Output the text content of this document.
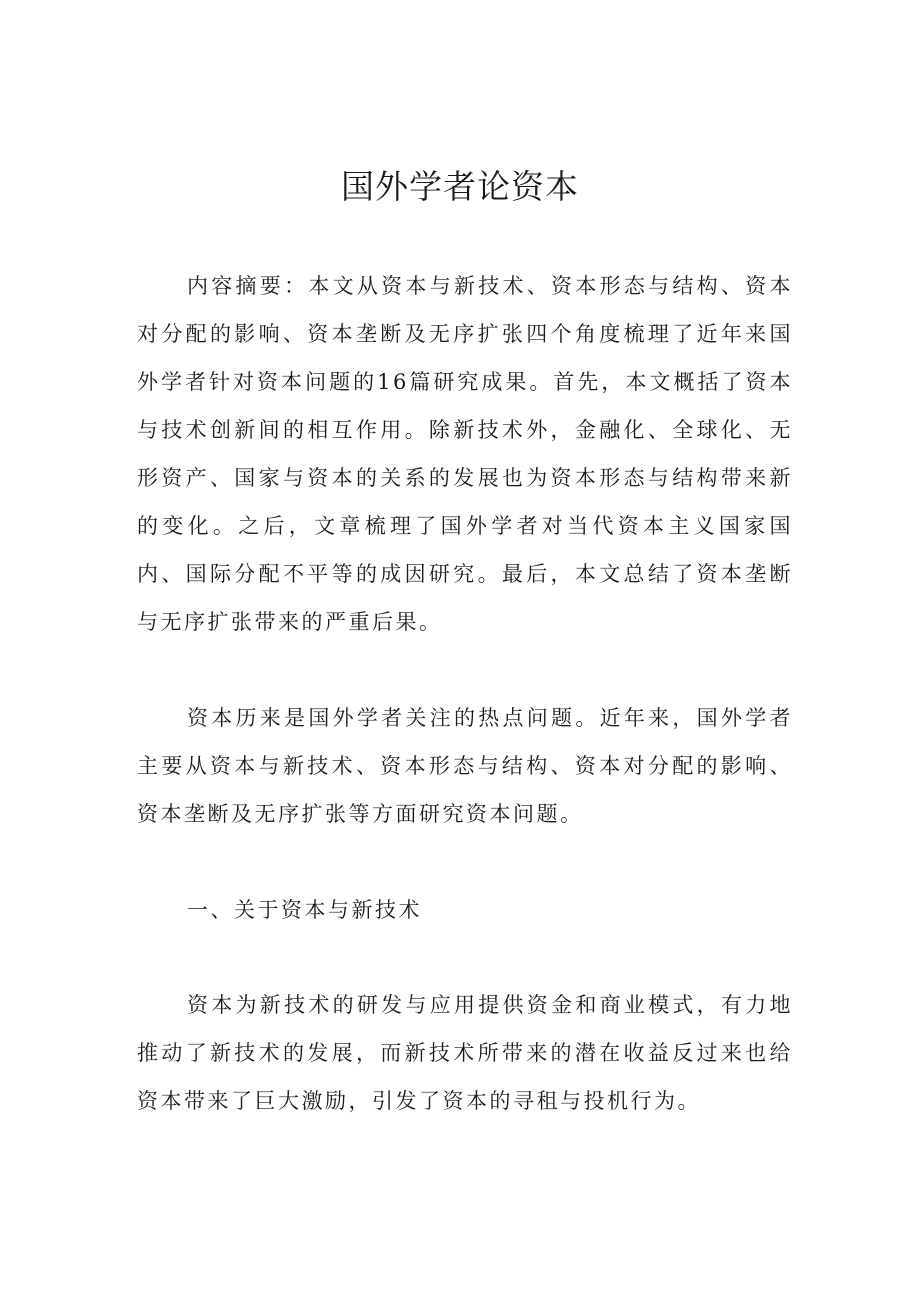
国外学者论资本

内容摘要：本文从资本与新技术、资本形态与结构、资本对分配的影响、资本垄断及无序扩张四个角度梳理了近年来国外学者针对资本问题的16篇研究成果。首先，本文概括了资本与技术创新间的相互作用。除新技术外，金融化、全球化、无形资产、国家与资本的关系的发展也为资本形态与结构带来新的变化。之后，文章梳理了国外学者对当代资本主义国家国内、国际分配不平等的成因研究。最后，本文总结了资本垄断与无序扩张带来的严重后果。

资本历来是国外学者关注的热点问题。近年来，国外学者主要从资本与新技术、资本形态与结构、资本对分配的影响、资本垄断及无序扩张等方面研究资本问题。

一、关于资本与新技术

资本为新技术的研发与应用提供资金和商业模式，有力地推动了新技术的发展，而新技术所带来的潜在收益反过来也给资本带来了巨大激励，引发了资本的寻租与投机行为。
